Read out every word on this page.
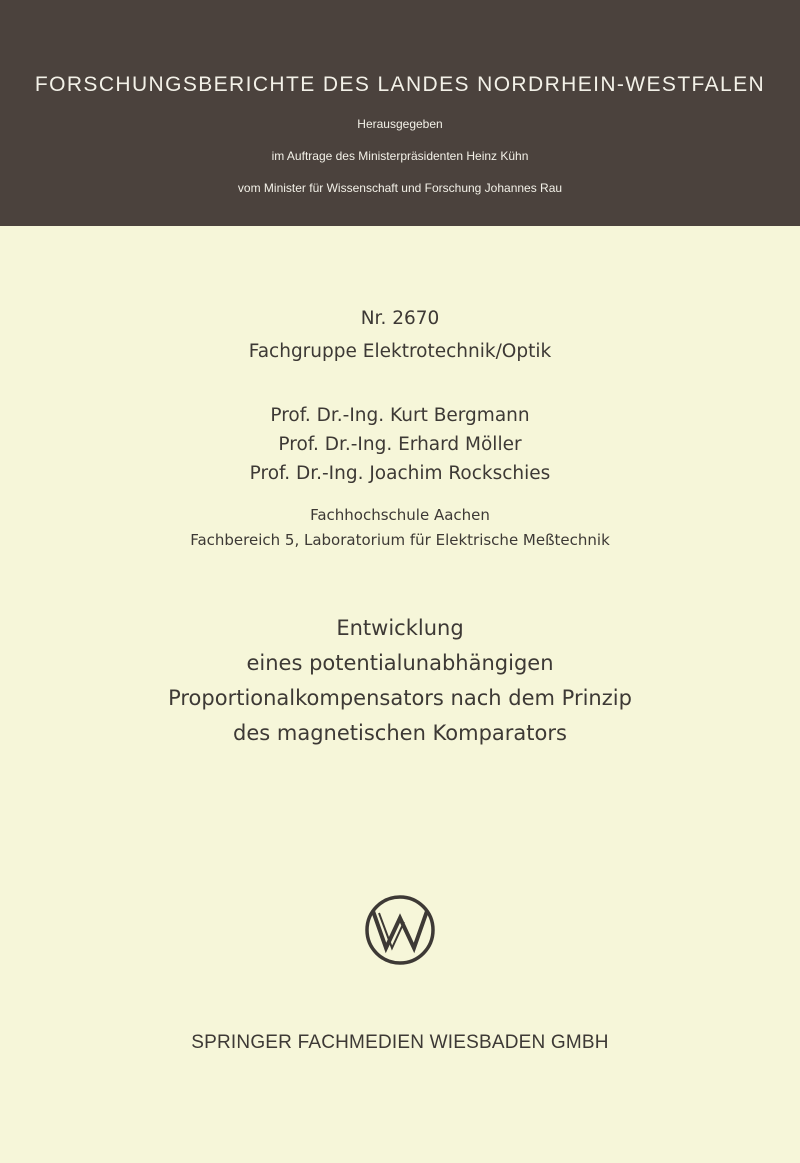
FORSCHUNGSBERICHTE DES LANDES NORDRHEIN-WESTFALEN
Herausgegeben
im Auftrage des Ministerpräsidenten Heinz Kühn
vom Minister für Wissenschaft und Forschung Johannes Rau
Nr. 2670
Fachgruppe Elektrotechnik/Optik
Prof. Dr.-Ing. Kurt Bergmann
Prof. Dr.-Ing. Erhard Möller
Prof. Dr.-Ing. Joachim Rockschies
Fachhochschule Aachen
Fachbereich 5, Laboratorium für Elektrische Meßtechnik
Entwicklung
eines potentialunabhängigen
Proportionalkompensators nach dem Prinzip
des magnetischen Komparators
SPRINGER FACHMEDIEN WIESBADEN GMBH
